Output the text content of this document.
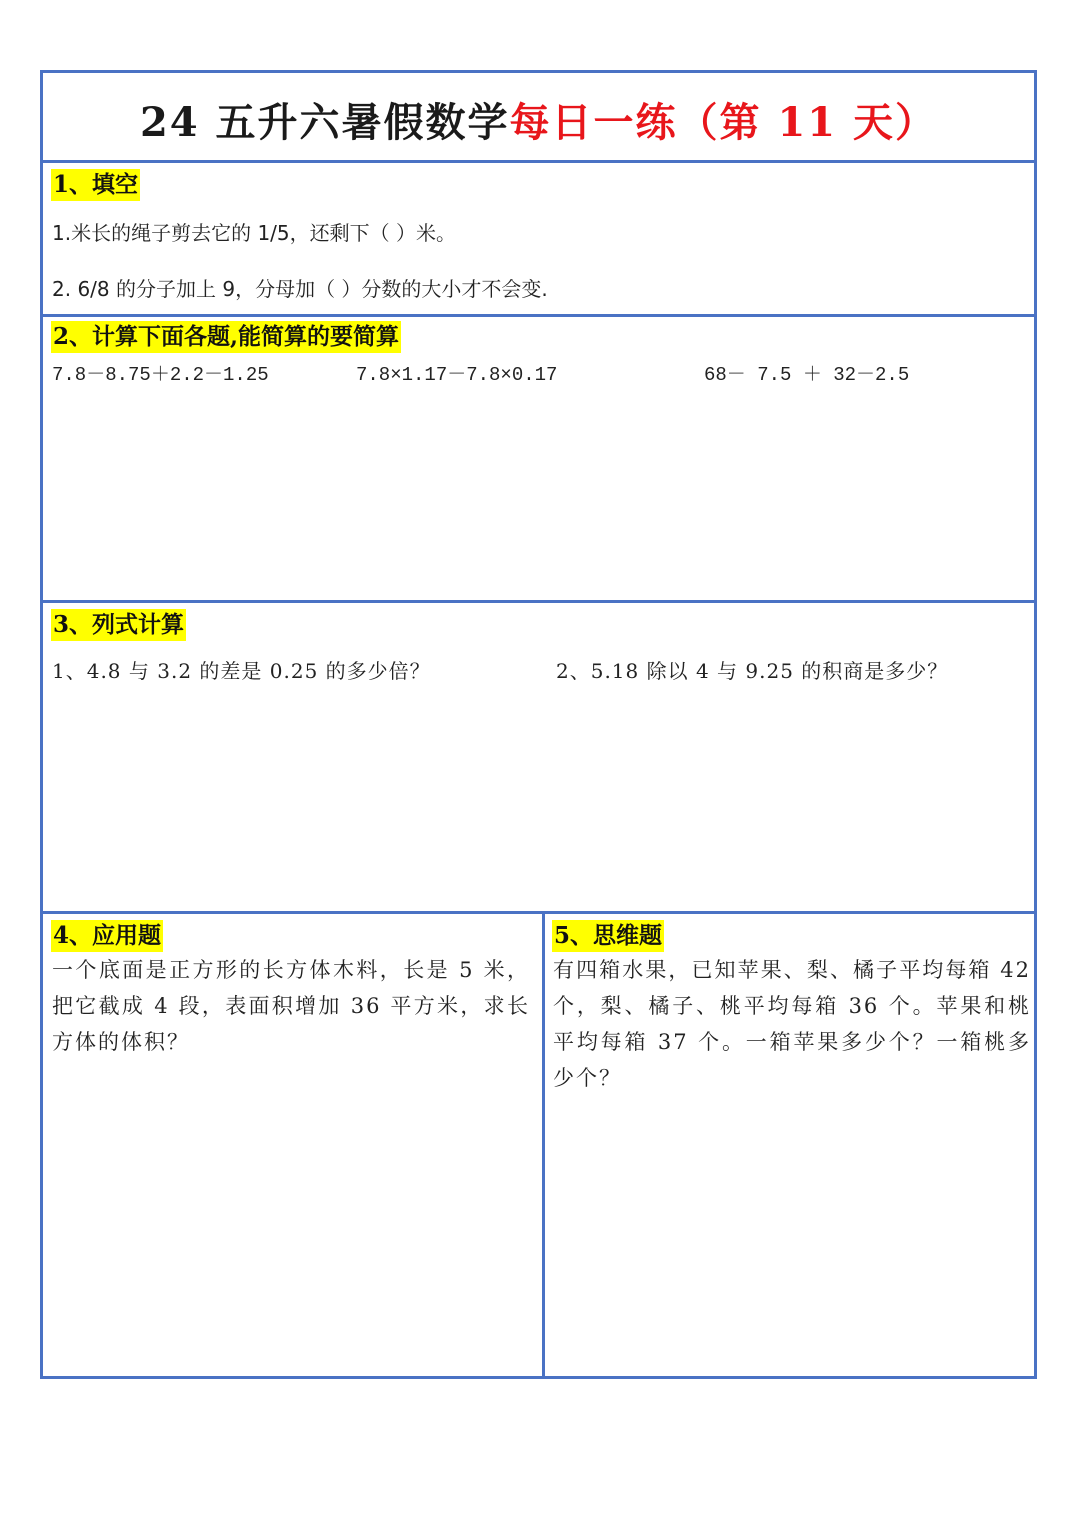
24 五升六暑假数学每日一练（第 11 天）
1、填空
1.米长的绳子剪去它的 1/5，还剩下（ ）米。
2. 6/8 的分子加上 9，分母加（ ）分数的大小才不会变.
2、计算下面各题,能简算的要简算
7.8－8.75＋2.2－1.25	7.8×1.17－7.8×0.17	68－ 7.5 ＋ 32－2.5
3、列式计算
1、4.8 与 3.2 的差是 0.25 的多少倍？	2、5.18 除以 4 与 9.25 的积商是多少？
4、应用题
一个底面是正方形的长方体木料，长是 5 米，把它截成 4 段，表面积增加 36 平方米，求长方体的体积？
5、思维题
有四箱水果，已知苹果、梨、橘子平均每箱 42 个，梨、橘子、桃平均每箱 36 个。苹果和桃平均每箱 37 个。一箱苹果多少个？一箱桃多少个？
